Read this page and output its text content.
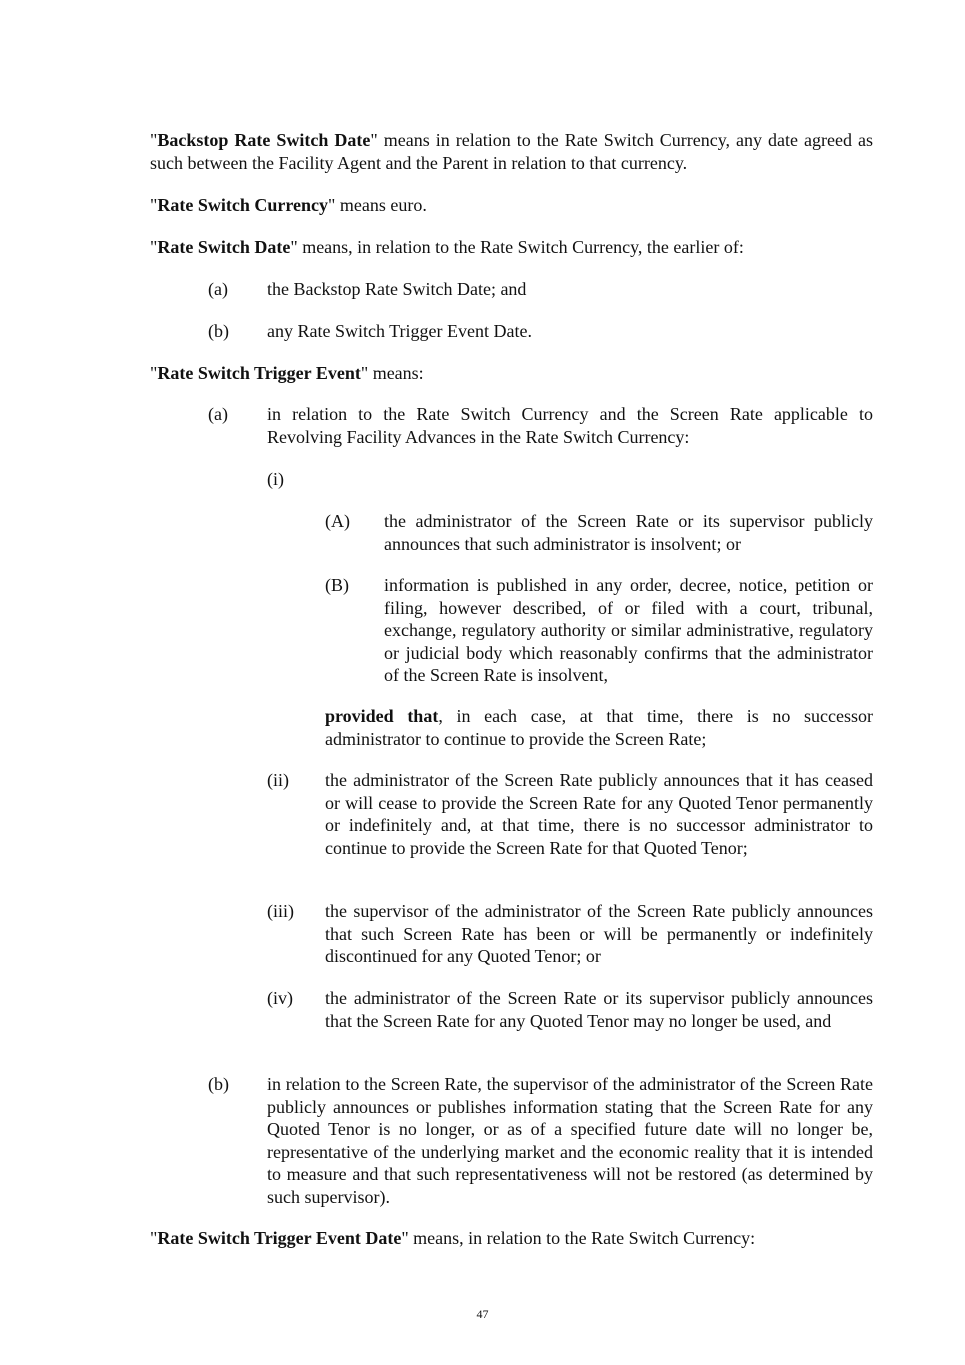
"Backstop Rate Switch Date" means in relation to the Rate Switch Currency, any date agreed as such between the Facility Agent and the Parent in relation to that currency.
"Rate Switch Currency" means euro.
"Rate Switch Date" means, in relation to the Rate Switch Currency, the earlier of:
(a) the Backstop Rate Switch Date; and
(b) any Rate Switch Trigger Event Date.
"Rate Switch Trigger Event" means:
(a) in relation to the Rate Switch Currency and the Screen Rate applicable to Revolving Facility Advances in the Rate Switch Currency:
(i)
(A) the administrator of the Screen Rate or its supervisor publicly announces that such administrator is insolvent; or
(B) information is published in any order, decree, notice, petition or filing, however described, of or filed with a court, tribunal, exchange, regulatory authority or similar administrative, regulatory or judicial body which reasonably confirms that the administrator of the Screen Rate is insolvent,
provided that, in each case, at that time, there is no successor administrator to continue to provide the Screen Rate;
(ii) the administrator of the Screen Rate publicly announces that it has ceased or will cease to provide the Screen Rate for any Quoted Tenor permanently or indefinitely and, at that time, there is no successor administrator to continue to provide the Screen Rate for that Quoted Tenor;
(iii) the supervisor of the administrator of the Screen Rate publicly announces that such Screen Rate has been or will be permanently or indefinitely discontinued for any Quoted Tenor; or
(iv) the administrator of the Screen Rate or its supervisor publicly announces that the Screen Rate for any Quoted Tenor may no longer be used, and
(b) in relation to the Screen Rate, the supervisor of the administrator of the Screen Rate publicly announces or publishes information stating that the Screen Rate for any Quoted Tenor is no longer, or as of a specified future date will no longer be, representative of the underlying market and the economic reality that it is intended to measure and that such representativeness will not be restored (as determined by such supervisor).
"Rate Switch Trigger Event Date" means, in relation to the Rate Switch Currency:
47
